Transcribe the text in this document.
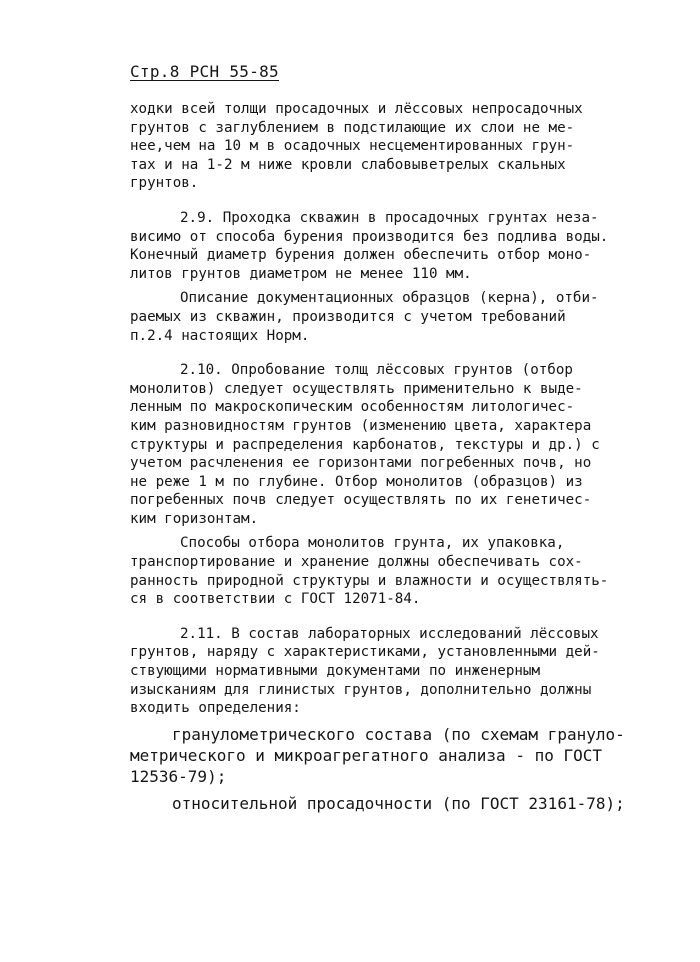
Стр.8 РСН 55-85
ходки всей толщи просадочных и лёссовых непросадочных
грунтов с заглублением в подстилающие их слои не ме-
нее,чем на 10 м в осадочных несцементированных грун-
тах и на 1-2 м ниже кровли слабовыветрелых скальных
грунтов.
2.9. Проходка скважин в просадочных грунтах неза-
висимо от способа бурения производится без подлива воды.
Конечный диаметр бурения должен обеспечить отбор моно-
литов грунтов диаметром не менее 110 мм.
Описание документационных образцов (керна), отби-
раемых из скважин, производится с учетом требований
п.2.4 настоящих Норм.
2.10. Опробование толщ лёссовых грунтов (отбор
монолитов) следует осуществлять применительно к выде-
ленным по макроскопическим особенностям литологичес-
ким разновидностям грунтов (изменению цвета, характера
структуры и распределения карбонатов, текстуры и др.) с
учетом расчленения ее горизонтами погребенных почв, но
не реже 1 м по глубине. Отбор монолитов (образцов) из
погребенных почв следует осуществлять по их генетичес-
ким горизонтам.
Способы отбора монолитов грунта, их упаковка,
транспортирование и хранение должны обеспечивать сох-
ранность природной структуры и влажности и осуществлять-
ся в соответствии с ГОСТ 12071-84.
2.11. В состав лабораторных исследований лёссовых
грунтов, наряду с характеристиками, установленными дей-
ствующими нормативными документами по инженерным
изысканиям для глинистых грунтов, дополнительно должны
входить определения:
гранулометрического состава (по схемам грануло-
метрического и микроагрегатного анализа - по ГОСТ
12536-79);
относительной просадочности (по ГОСТ 23161-78);
